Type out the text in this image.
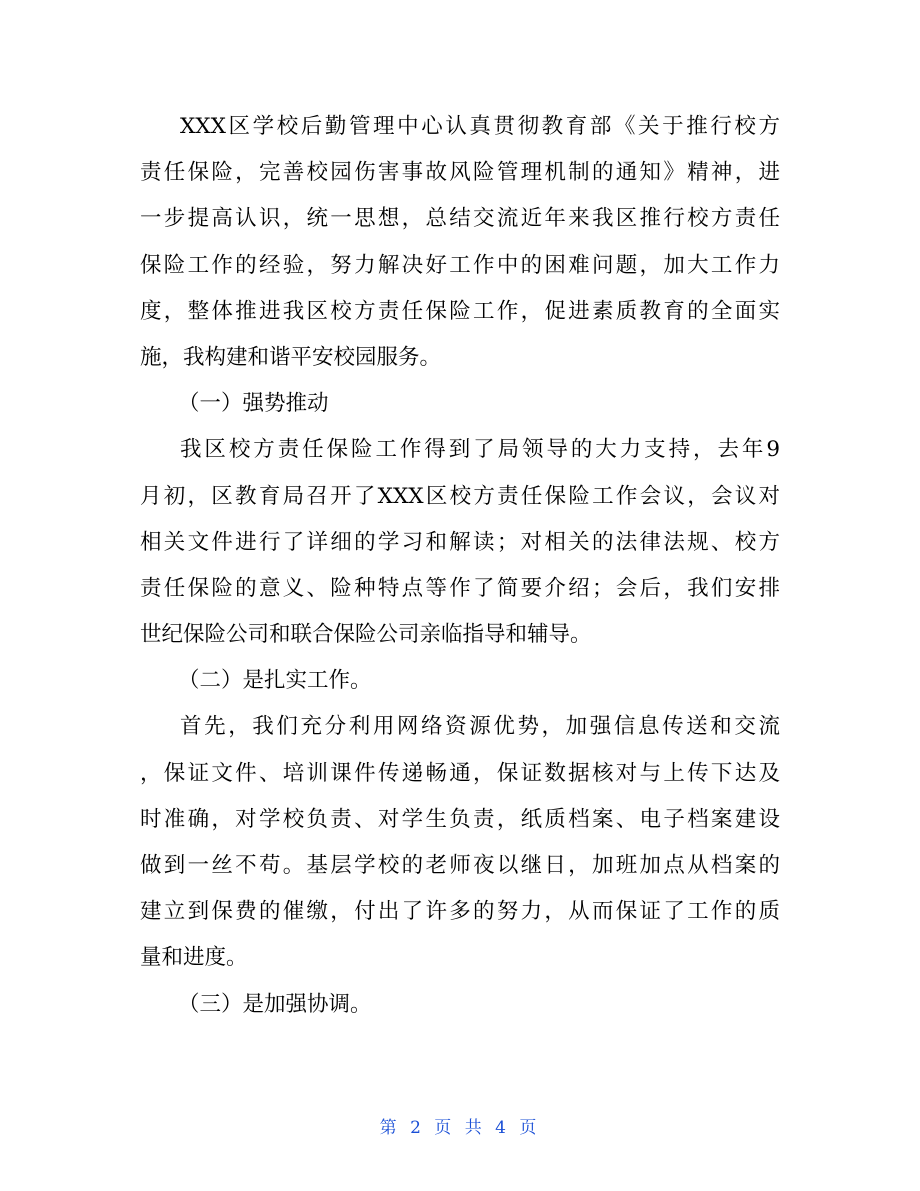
XXX区学校后勤管理中心认真贯彻教育部《关于推行校方
责任保险，完善校园伤害事故风险管理机制的通知》精神，进
一步提高认识，统一思想，总结交流近年来我区推行校方责任
保险工作的经验，努力解决好工作中的困难问题，加大工作力
度，整体推进我区校方责任保险工作，促进素质教育的全面实
施，我构建和谐平安校园服务。
（一）强势推动
我区校方责任保险工作得到了局领导的大力支持，去年9
月初，区教育局召开了XXX区校方责任保险工作会议，会议对
相关文件进行了详细的学习和解读；对相关的法律法规、校方
责任保险的意义、险种特点等作了简要介绍；会后，我们安排
世纪保险公司和联合保险公司亲临指导和辅导。
（二）是扎实工作。
首先，我们充分利用网络资源优势，加强信息传送和交流
，保证文件、培训课件传递畅通，保证数据核对与上传下达及
时准确，对学校负责、对学生负责，纸质档案、电子档案建设
做到一丝不苟。基层学校的老师夜以继日，加班加点从档案的
建立到保费的催缴，付出了许多的努力，从而保证了工作的质
量和进度。
（三）是加强协调。
第 2 页 共 4 页
